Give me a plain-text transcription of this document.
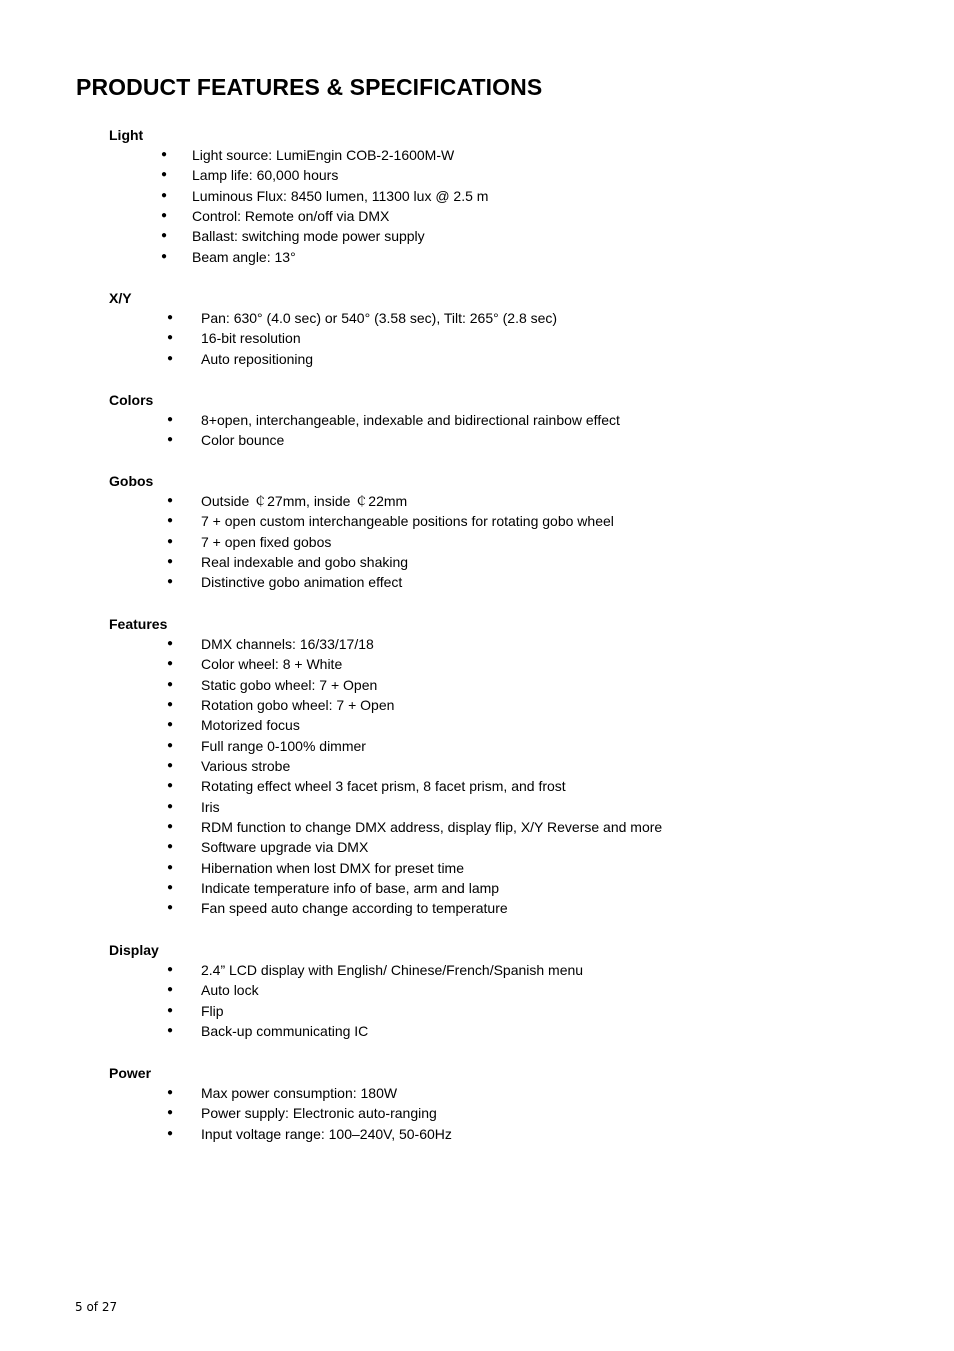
PRODUCT FEATURES & SPECIFICATIONS
Light
● Light source: LumiEngin COB-2-1600M-W
● Lamp life: 60,000 hours
● Luminous Flux: 8450 lumen, 11300 lux @ 2.5 m
● Control: Remote on/off via DMX
● Ballast: switching mode power supply
● Beam angle: 13°
X/Y
● Pan: 630° (4.0 sec) or 540° (3.58 sec), Tilt: 265° (2.8 sec)
● 16-bit resolution
● Auto repositioning
Colors
● 8+open, interchangeable, indexable and bidirectional rainbow effect
● Color bounce
Gobos
● Outside ￠27mm, inside ￠22mm
● 7 + open custom interchangeable positions for rotating gobo wheel
● 7 + open fixed gobos
● Real indexable and gobo shaking
● Distinctive gobo animation effect
Features
● DMX channels: 16/33/17/18
● Color wheel: 8 + White
● Static gobo wheel: 7 + Open
● Rotation gobo wheel: 7 + Open
● Motorized focus
● Full range 0-100% dimmer
● Various strobe
● Rotating effect wheel 3 facet prism, 8 facet prism, and frost
● Iris
● RDM function to change DMX address, display flip, X/Y Reverse and more
● Software upgrade via DMX
● Hibernation when lost DMX for preset time
● Indicate temperature info of base, arm and lamp
● Fan speed auto change according to temperature
Display
● 2.4” LCD display with English/ Chinese/French/Spanish menu
● Auto lock
● Flip
● Back-up communicating IC
Power
● Max power consumption: 180W
● Power supply: Electronic auto-ranging
● Input voltage range: 100–240V, 50-60Hz
5 of 27
